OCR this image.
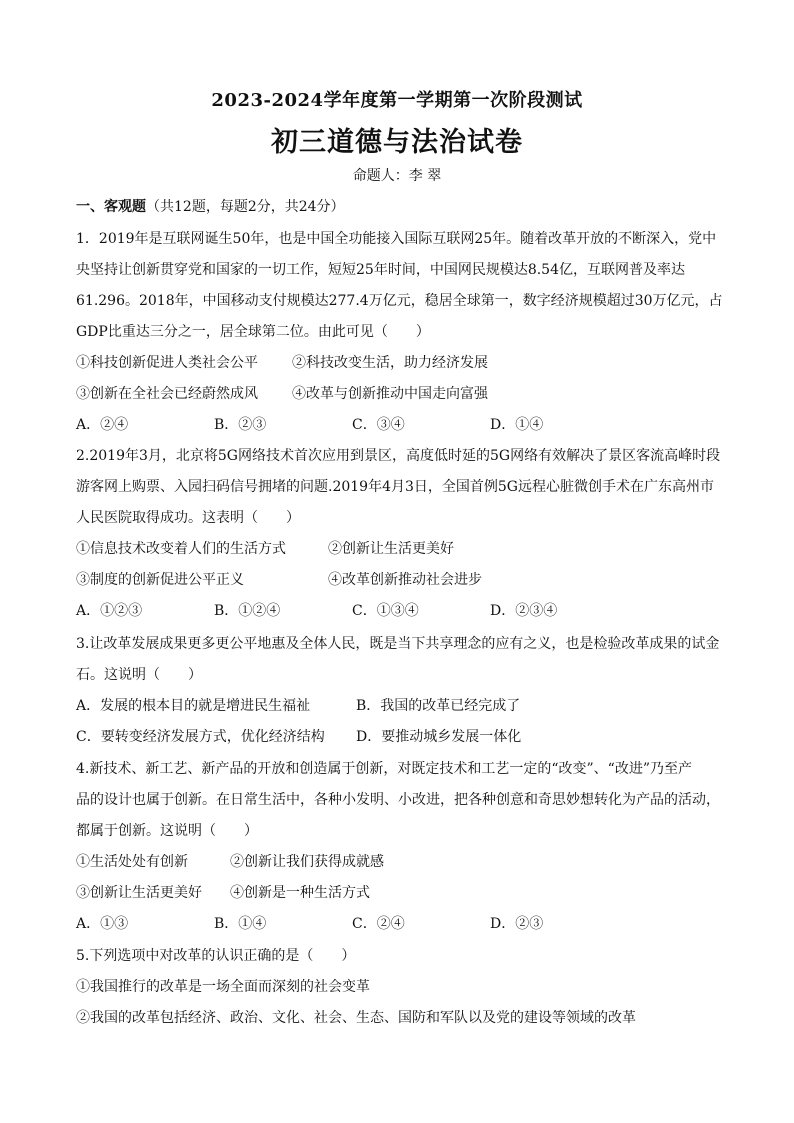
2023-2024学年度第一学期第一次阶段测试
初三道德与法治试卷
命题人：李 翠
一、客观题（共12题，每题2分，共24分）
1．2019年是互联网诞生50年，也是中国全功能接入国际互联网25年。随着改革开放的不断深入，党中
央坚持让创新贯穿党和国家的一切工作，短短25年时间，中国网民规模达8.54亿，互联网普及率达
61.296。2018年，中国移动支付规模达277.4万亿元，稳居全球第一，数字经济规模超过30万亿元，占
GDP比重达三分之一，居全球第二位。由此可见（　　）
①科技创新促进人类社会公平 ②科技改变生活，助力经济发展
③创新在全社会已经蔚然成风 ④改革与创新推动中国走向富强
A．②④	B．②③	C．③④	D．①④
2.2019年3月，北京将5G网络技术首次应用到景区，高度低时延的5G网络有效解决了景区客流高峰时段
游客网上购票、入园扫码信号拥堵的问题.2019年4月3日，全国首例5G远程心脏微创手术在广东高州市
人民医院取得成功。这表明（　　）
①信息技术改变着人们的生活方式	②创新让生活更美好
③制度的创新促进公平正义	④改革创新推动社会进步
A．①②③	B．①②④	C．①③④	D．②③④
3.让改革发展成果更多更公平地惠及全体人民，既是当下共享理念的应有之义，也是检验改革成果的试金
石。这说明（　　）
A．发展的根本目的就是增进民生福祉	B．我国的改革已经完成了
C．要转变经济发展方式，优化经济结构 D．要推动城乡发展一体化
4.新技术、新工艺、新产品的开放和创造属于创新，对既定技术和工艺一定的“改变”、“改进”乃至产
品的设计也属于创新。在日常生活中，各种小发明、小改进，把各种创意和奇思妙想转化为产品的活动，
都属于创新。这说明（　　）
①生活处处有创新	②创新让我们获得成就感
③创新让生活更美好 ④创新是一种生活方式
A．①③	B．①④	C．②④	D．②③
5.下列选项中对改革的认识正确的是（　　）
①我国推行的改革是一场全面而深刻的社会变革
②我国的改革包括经济、政治、文化、社会、生态、国防和军队以及党的建设等领域的改革
